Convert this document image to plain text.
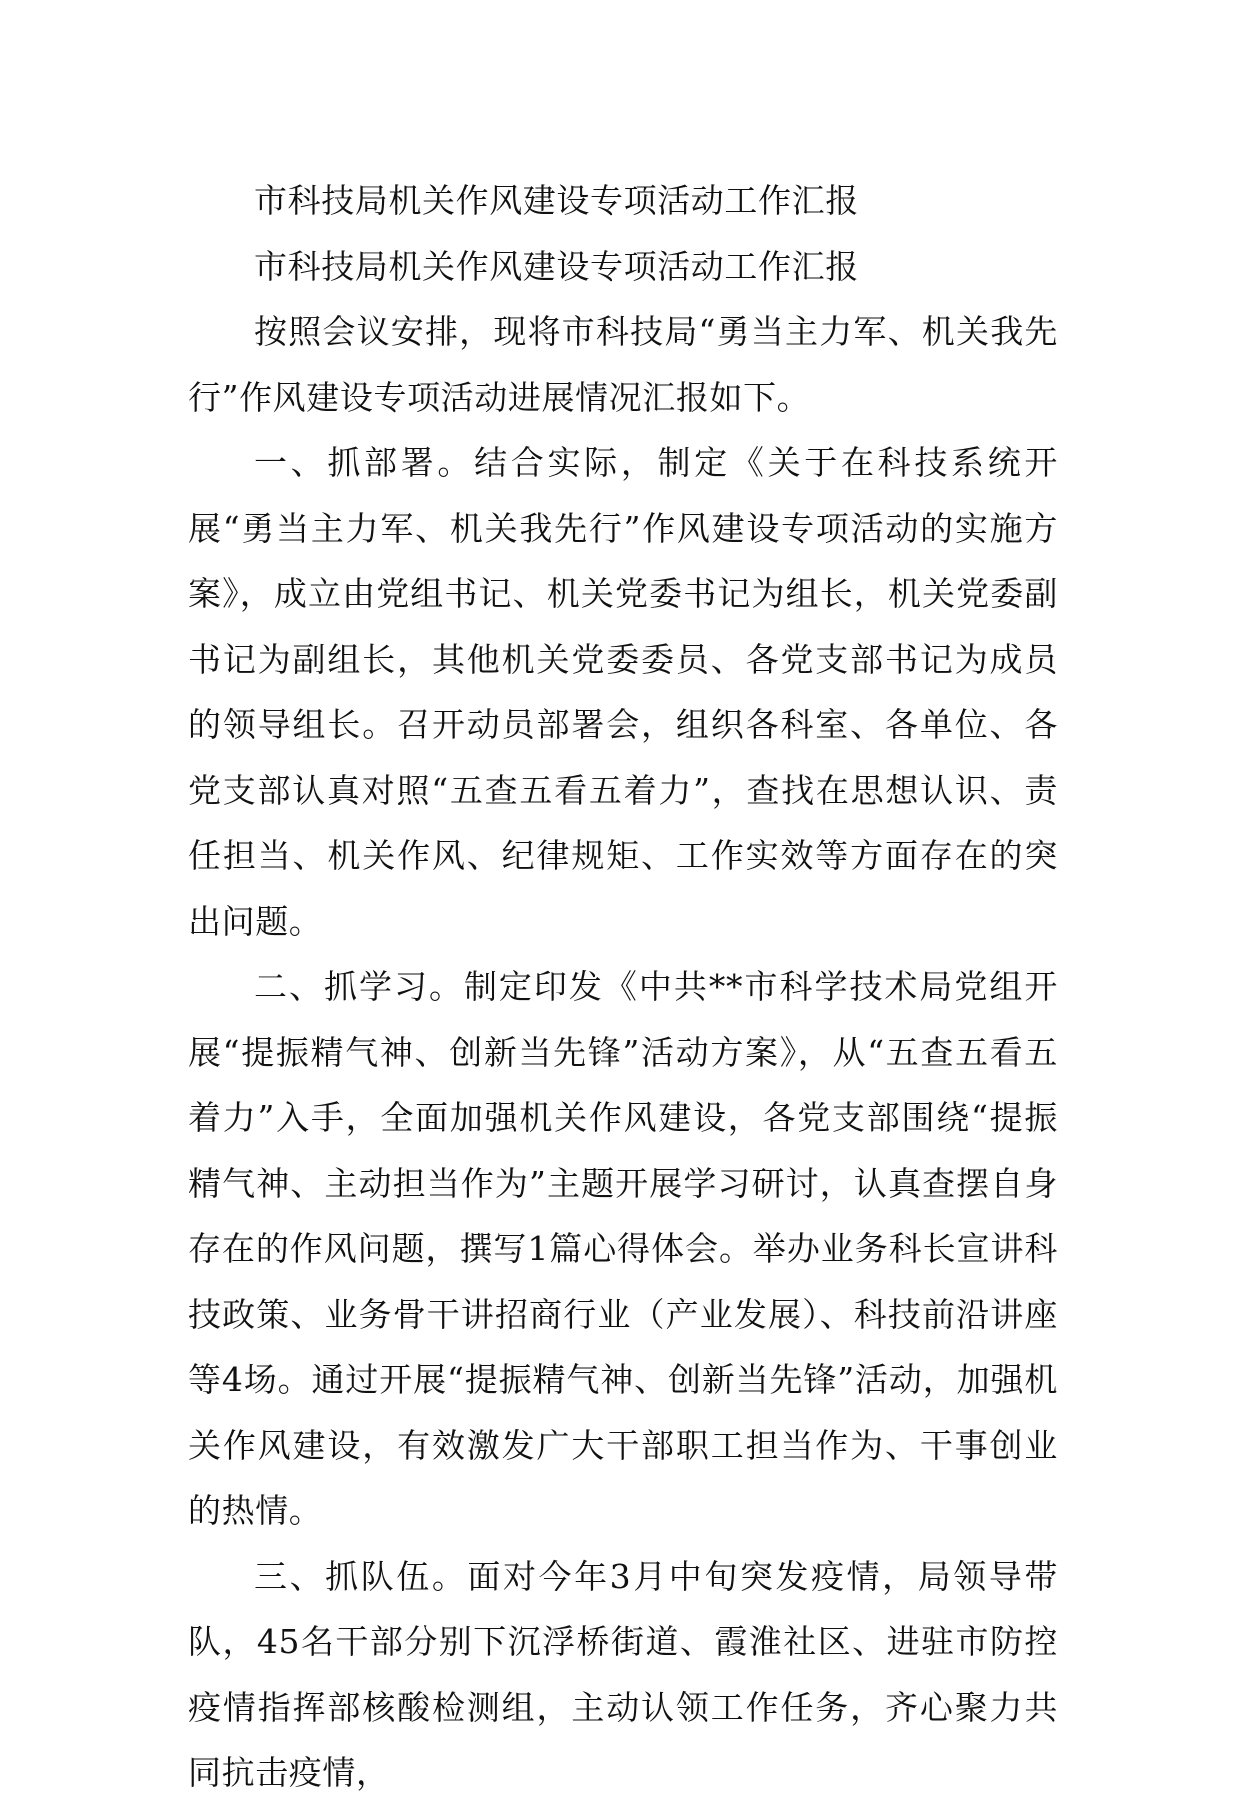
市科技局机关作风建设专项活动工作汇报

市科技局机关作风建设专项活动工作汇报

按照会议安排，现将市科技局“勇当主力军、机关我先行”作风建设专项活动进展情况汇报如下。

一、抓部署。结合实际，制定《关于在科技系统开展“勇当主力军、机关我先行”作风建设专项活动的实施方案》，成立由党组书记、机关党委书记为组长，机关党委副书记为副组长，其他机关党委委员、各党支部书记为成员的领导组长。召开动员部署会，组织各科室、各单位、各党支部认真对照“五查五看五着力”，查找在思想认识、责任担当、机关作风、纪律规矩、工作实效等方面存在的突出问题。

二、抓学习。制定印发《中共**市科学技术局党组开展“提振精气神、创新当先锋”活动方案》，从“五查五看五着力”入手，全面加强机关作风建设，各党支部围绕“提振精气神、主动担当作为”主题开展学习研讨，认真查摆自身存在的作风问题，撰写1篇心得体会。举办业务科长宣讲科技政策、业务骨干讲招商行业（产业发展）、科技前沿讲座等4场。通过开展“提振精气神、创新当先锋”活动，加强机关作风建设，有效激发广大干部职工担当作为、干事创业的热情。

三、抓队伍。面对今年3月中旬突发疫情，局领导带队，45名干部分别下沉浮桥街道、霞淮社区、进驻市防控疫情指挥部核酸检测组，主动认领工作任务，齐心聚力共同抗击疫情，
